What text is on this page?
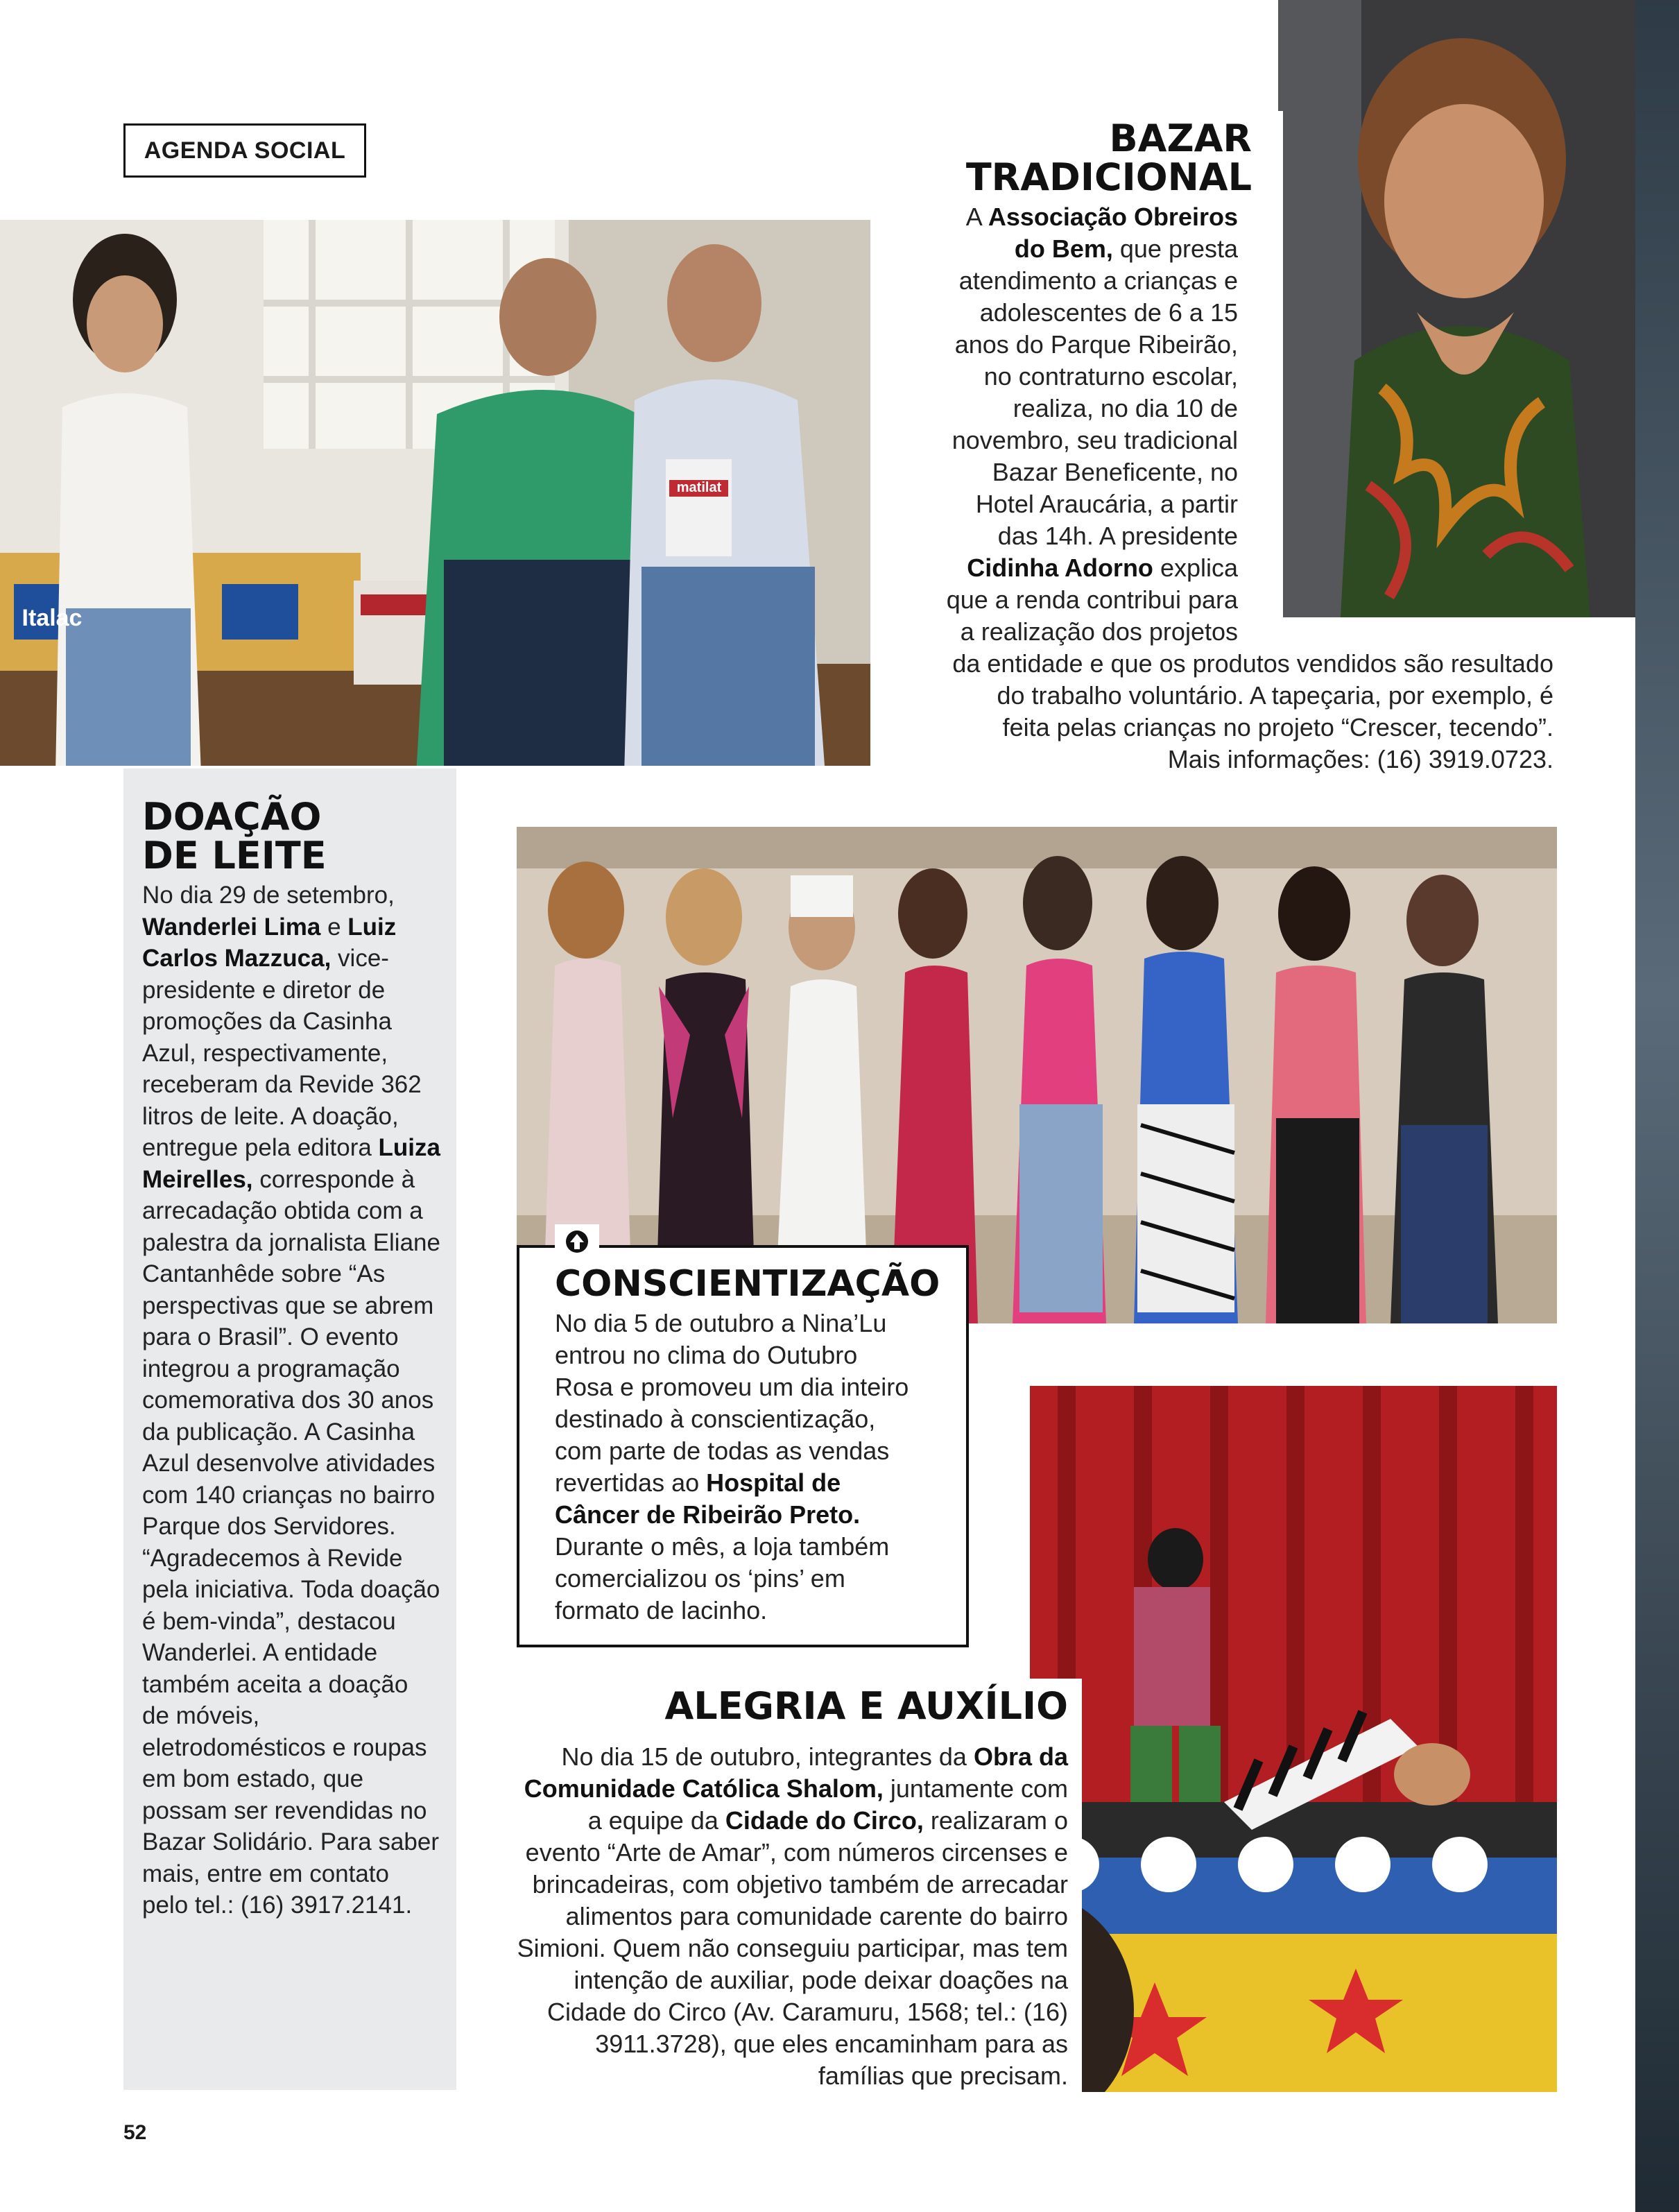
AGENDA SOCIAL
matilat
Italac
BAZAR
TRADICIONAL
A Associação Obreiros do Bem, que presta atendimento a crianças e adolescentes de 6 a 15 anos do Parque Ribeirão, no contraturno escolar, realiza, no dia 10 de novembro, seu tradicional Bazar Beneficente, no Hotel Araucária, a partir das 14h. A presidente Cidinha Adorno explica que a renda contribui para a realização dos projetos da entidade e que os produtos vendidos são resultado do trabalho voluntário. A tapeçaria, por exemplo, é feita pelas crianças no projeto “Crescer, tecendo”. Mais informações: (16) 3919.0723.
DOAÇÃO
DE LEITE
No dia 29 de setembro, Wanderlei Lima e Luiz Carlos Mazzuca, vice-presidente e diretor de promoções da Casinha Azul, respectivamente, receberam da Revide 362 litros de leite. A doação, entregue pela editora Luiza Meirelles, corresponde à arrecadação obtida com a palestra da jornalista Eliane Cantanhêde sobre “As perspectivas que se abrem para o Brasil”. O evento integrou a programação comemorativa dos 30 anos da publicação. A Casinha Azul desenvolve atividades com 140 crianças no bairro Parque dos Servidores. “Agradecemos à Revide pela iniciativa. Toda doação é bem-vinda”, destacou Wanderlei. A entidade também aceita a doação de móveis, eletrodomésticos e roupas em bom estado, que possam ser revendidas no Bazar Solidário. Para saber mais, entre em contato pelo tel.: (16) 3917.2141.
CONSCIENTIZAÇÃO
No dia 5 de outubro a Nina’Lu entrou no clima do Outubro Rosa e promoveu um dia inteiro destinado à conscientização, com parte de todas as vendas revertidas ao Hospital de Câncer de Ribeirão Preto. Durante o mês, a loja também comercializou os ‘pins’ em formato de lacinho.
ALEGRIA E AUXÍLIO
No dia 15 de outubro, integrantes da Obra da Comunidade Católica Shalom, juntamente com a equipe da Cidade do Circo, realizaram o evento “Arte de Amar”, com números circenses e brincadeiras, com objetivo também de arrecadar alimentos para comunidade carente do bairro Simioni. Quem não conseguiu participar, mas tem intenção de auxiliar, pode deixar doações na Cidade do Circo (Av. Caramuru, 1568; tel.: (16) 3911.3728), que eles encaminham para as famílias que precisam.
52
